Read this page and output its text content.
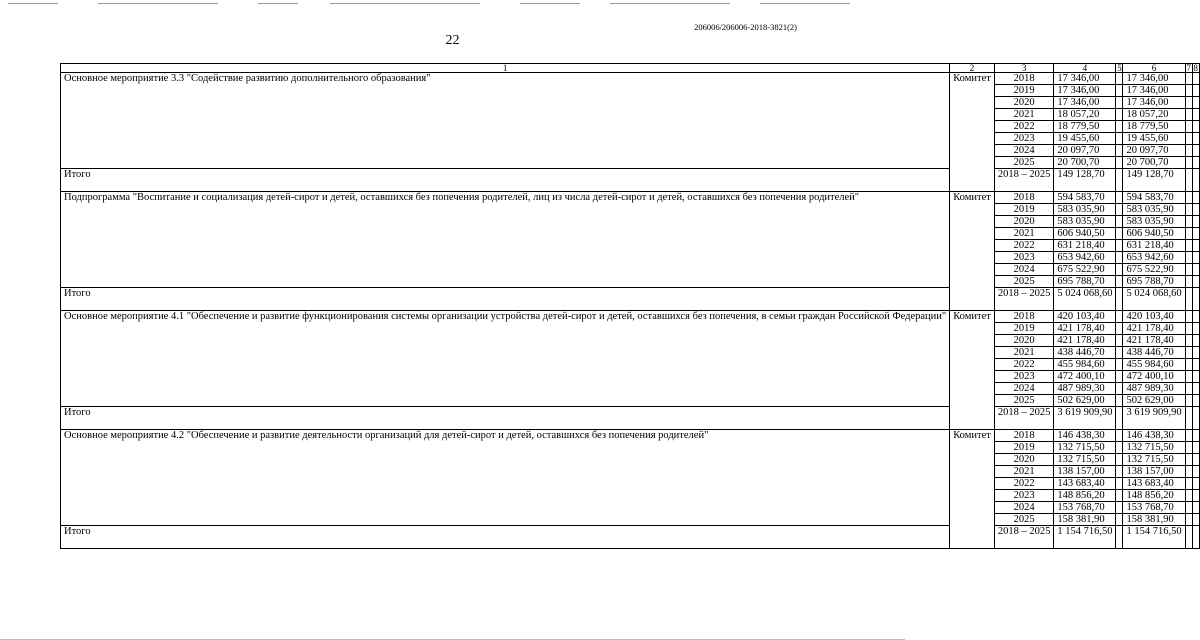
206006/206006-2018-3821(2)
22
1	2	3	4	5	6	7	8
Основное мероприятие 3.3 "Содействие развитию дополнительного образования"	Комитет	2018	17 346,00		17 346,00		
		2019	17 346,00		17 346,00		
		2020	17 346,00		17 346,00		
		2021	18 057,20		18 057,20		
		2022	18 779,50		18 779,50		
		2023	19 455,60		19 455,60		
		2024	20 097,70		20 097,70		
		2025	20 700,70		20 700,70		
Итого		2018 – 2025	149 128,70		149 128,70		
Подпрограмма "Воспитание и социализация детей-сирот и детей, оставшихся без попечения родителей, лиц из числа детей-сирот и детей, оставшихся без попечения родителей"	Комитет	2018	594 583,70		594 583,70		
		2019	583 035,90		583 035,90		
		2020	583 035,90		583 035,90		
		2021	606 940,50		606 940,50		
		2022	631 218,40		631 218,40		
		2023	653 942,60		653 942,60		
		2024	675 522,90		675 522,90		
		2025	695 788,70		695 788,70		
Итого		2018 – 2025	5 024 068,60		5 024 068,60		
Основное мероприятие 4.1 "Обеспечение и развитие функционирования системы организации устройства детей-сирот и детей, оставшихся без попечения, в семьи граждан Российской Федерации"	Комитет	2018	420 103,40		420 103,40		
		2019	421 178,40		421 178,40		
		2020	421 178,40		421 178,40		
		2021	438 446,70		438 446,70		
		2022	455 984,60		455 984,60		
		2023	472 400,10		472 400,10		
		2024	487 989,30		487 989,30		
		2025	502 629,00		502 629,00		
Итого		2018 – 2025	3 619 909,90		3 619 909,90		
Основное мероприятие 4.2 "Обеспечение и развитие деятельности организаций для детей-сирот и детей, оставшихся без попечения родителей"	Комитет	2018	146 438,30		146 438,30		
		2019	132 715,50		132 715,50		
		2020	132 715,50		132 715,50		
		2021	138 157,00		138 157,00		
		2022	143 683,40		143 683,40		
		2023	148 856,20		148 856,20		
		2024	153 768,70		153 768,70		
		2025	158 381,90		158 381,90		
Итого		2018 – 2025	1 154 716,50		1 154 716,50		
